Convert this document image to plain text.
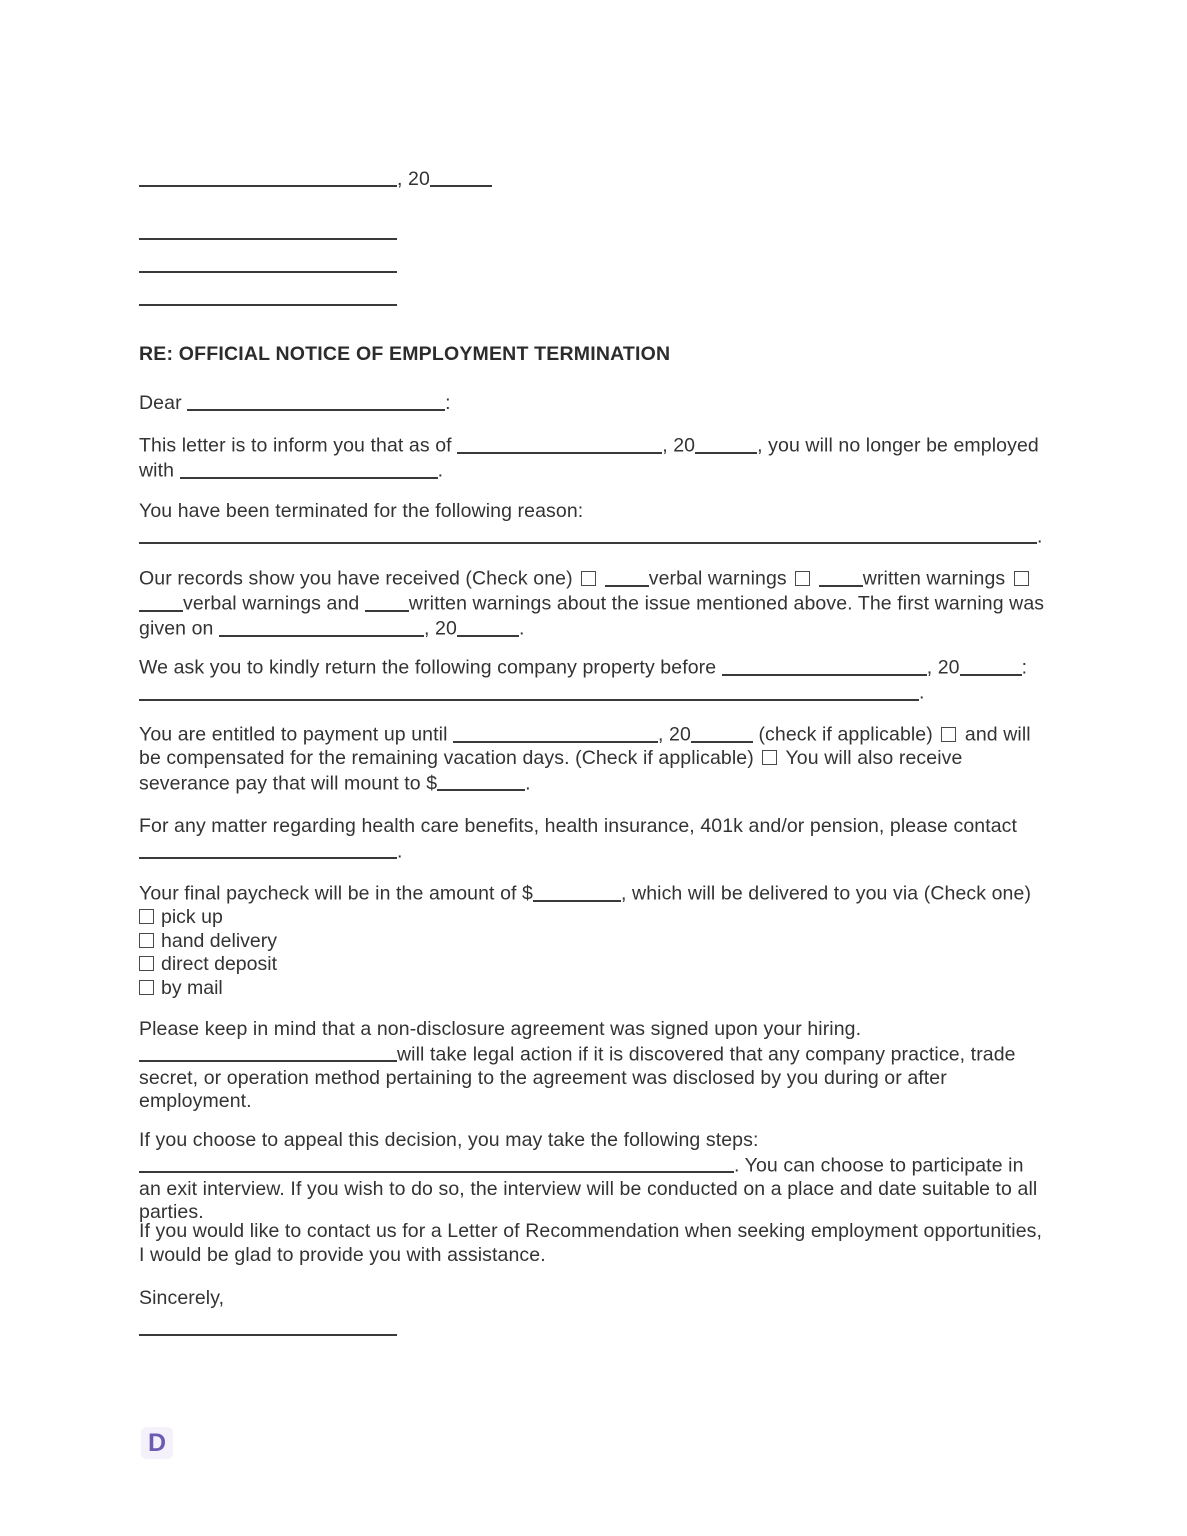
, 20
RE: OFFICIAL NOTICE OF EMPLOYMENT TERMINATION
Dear	:

This letter is to inform you that as of	, 20	, you will no longer be employed with	.

You have been terminated for the following reason:
.

Our records show you have received (Check one)	verbal warnings	written warnings  verbal warnings and written warnings about the issue mentioned above. The first warning was given on	, 20	.

We ask you to kindly return the following company property before	, 20	:
.

You are entitled to payment up until	, 20	(check if applicable)  and will be compensated for the remaining vacation days. (Check if applicable)  You will also receive severance pay that will mount to $	.

For any matter regarding health care benefits, health insurance, 401k and/or pension, please contact
.

Your final paycheck will be in the amount of $	, which will be delivered to you via (Check one)

pick up
hand delivery
direct deposit
by mail

Please keep in mind that a non-disclosure agreement was signed upon your hiring.
will take legal action if it is discovered that any company practice, trade secret, or operation method pertaining to the agreement was disclosed by you during or after employment.

If you choose to appeal this decision, you may take the following steps:
. You can choose to participate in an exit interview. If you wish to do so, the interview will be conducted on a place and date suitable to all parties.

If you would like to contact us for a Letter of Recommendation when seeking employment opportunities, I would be glad to provide you with assistance.

Sincerely,

D
